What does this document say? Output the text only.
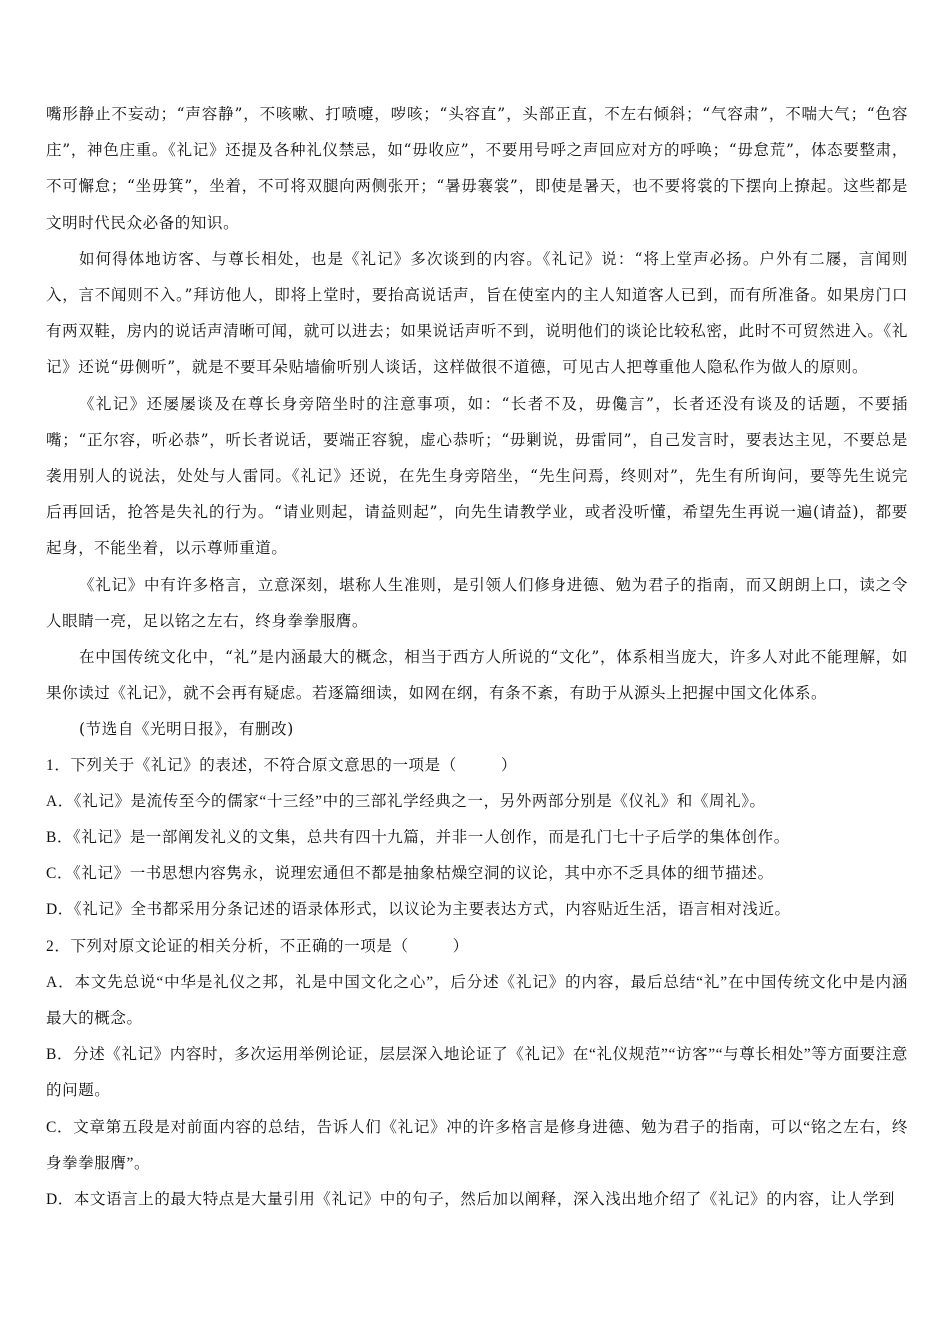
嘴形静止不妄动；“声容静”，不咳嗽、打喷嚏，哕咳；“头容直”，头部正直，不左右倾斜；“气容肃”，不喘大气；“色容庄”，神色庄重。《礼记》还提及各种礼仪禁忌，如“毋收应”，不要用号呼之声回应对方的呼唤；“毋怠荒”，体态要整肃，不可懈怠；“坐毋箕”，坐着，不可将双腿向两侧张开；“暑毋褰裳”，即使是暑天，也不要将裳的下摆向上撩起。这些都是文明时代民众必备的知识。

如何得体地访客、与尊长相处，也是《礼记》多次谈到的内容。《礼记》说：“将上堂声必扬。户外有二屦，言闻则入，言不闻则不入。”拜访他人，即将上堂时，要抬高说话声，旨在使室内的主人知道客人已到，而有所准备。如果房门口有两双鞋，房内的说话声清晰可闻，就可以进去；如果说话声听不到，说明他们的谈论比较私密，此时不可贸然进入。《礼记》还说“毋侧听”，就是不要耳朵贴墙偷听别人谈话，这样做很不道德，可见古人把尊重他人隐私作为做人的原则。

《礼记》还屡屡谈及在尊长身旁陪坐时的注意事项，如：“长者不及，毋儳言”，长者还没有谈及的话题，不要插嘴；“正尔容，听必恭”，听长者说话，要端正容貌，虚心恭听；“毋剿说，毋雷同”，自己发言时，要表达主见，不要总是袭用别人的说法，处处与人雷同。《礼记》还说，在先生身旁陪坐，“先生问焉，终则对”，先生有所询问，要等先生说完后再回话，抢答是失礼的行为。“请业则起，请益则起”，向先生请教学业，或者没听懂，希望先生再说一遍(请益)，都要起身，不能坐着，以示尊师重道。

《礼记》中有许多格言，立意深刻，堪称人生准则，是引领人们修身进德、勉为君子的指南，而又朗朗上口，读之令人眼睛一亮，足以铭之左右，终身拳拳服膺。

在中国传统文化中，“礼”是内涵最大的概念，相当于西方人所说的“文化”，体系相当庞大，许多人对此不能理解，如果你读过《礼记》，就不会再有疑虑。若逐篇细读，如网在纲，有条不紊，有助于从源头上把握中国文化体系。

(节选自《光明日报》，有删改)

1．下列关于《礼记》的表述，不符合原文意思的一项是（	）

A．《礼记》是流传至今的儒家“十三经”中的三部礼学经典之一，另外两部分别是《仪礼》和《周礼》。

B．《礼记》是一部阐发礼义的文集，总共有四十九篇，并非一人创作，而是孔门七十子后学的集体创作。

C．《礼记》一书思想内容隽永，说理宏通但不都是抽象枯燥空洞的议论，其中亦不乏具体的细节描述。

D．《礼记》全书都采用分条记述的语录体形式，以议论为主要表达方式，内容贴近生活，语言相对浅近。

2．下列对原文论证的相关分析，不正确的一项是（	）

A．本文先总说“中华是礼仪之邦，礼是中国文化之心”，后分述《礼记》的内容，最后总结“礼”在中国传统文化中是内涵最大的概念。

B．分述《礼记》内容时，多次运用举例论证，层层深入地论证了《礼记》在“礼仪规范”“访客”“与尊长相处”等方面要注意的问题。

C．文章第五段是对前面内容的总结，告诉人们《礼记》冲的许多格言是修身进德、勉为君子的指南，可以“铭之左右，终身拳拳服膺”。

D．本文语言上的最大特点是大量引用《礼记》中的句子，然后加以阐释，深入浅出地介绍了《礼记》的内容，让人学到
